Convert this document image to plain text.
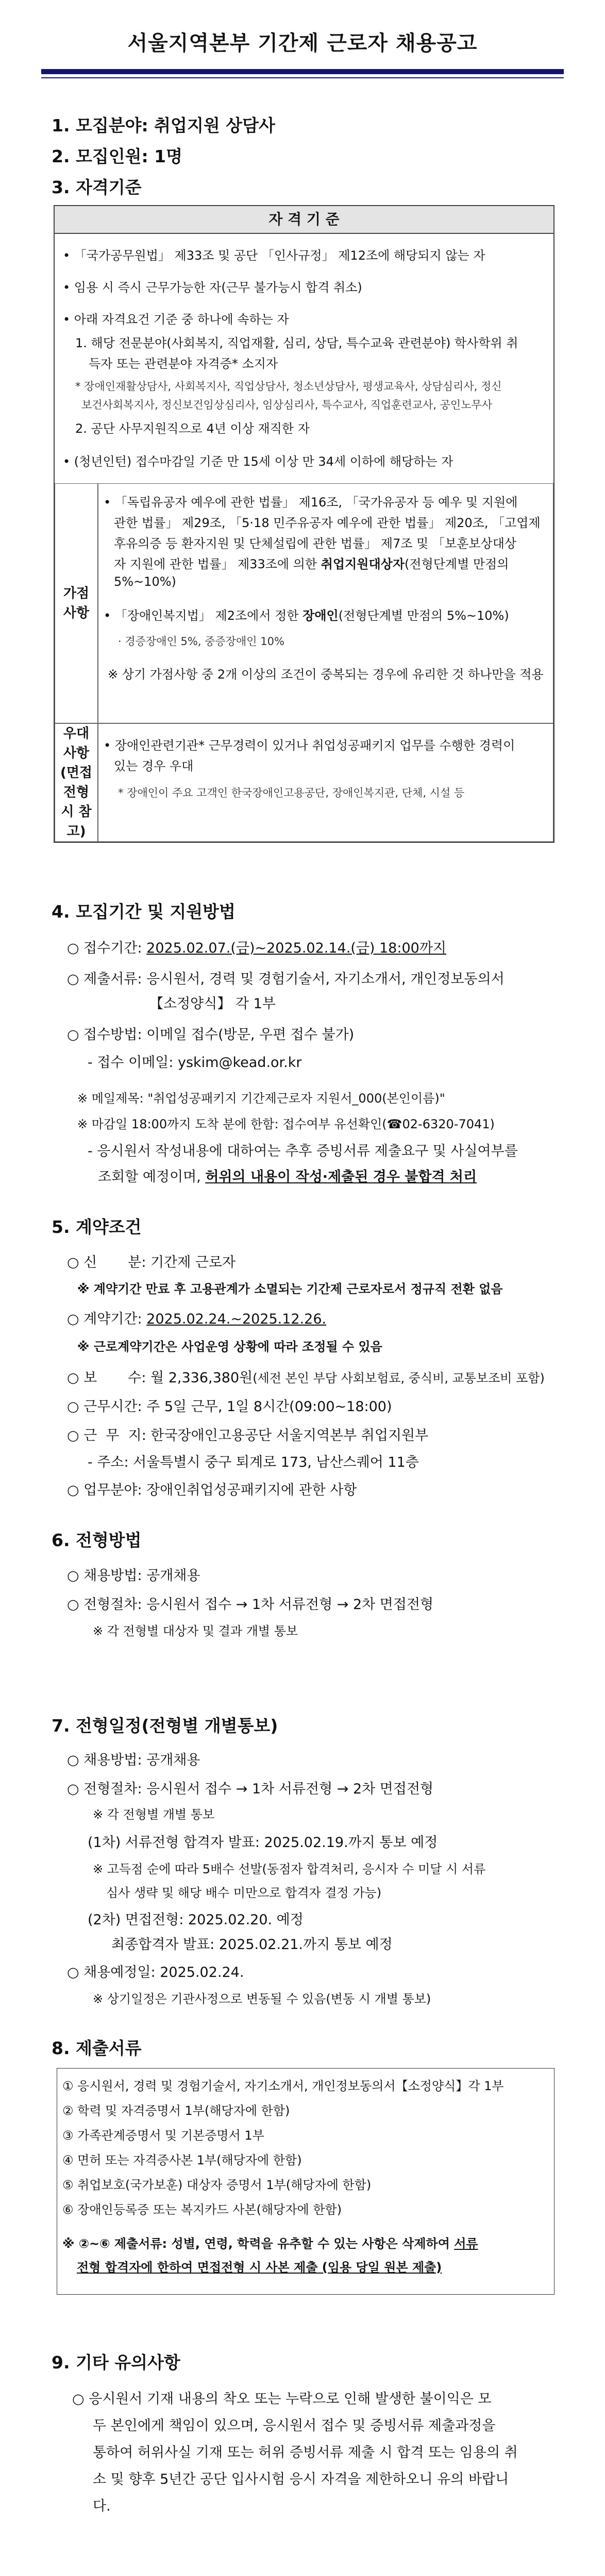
서울지역본부 기간제 근로자 채용공고
1. 모집분야: 취업지원 상담사
2. 모집인원: 1명
3. 자격기준
자 격 기 준
• 「국가공무원법」 제33조 및 공단 「인사규정」 제12조에 해당되지 않는 자
• 임용 시 즉시 근무가능한 자(근무 불가능시 합격 취소)
• 아래 자격요건 기준 중 하나에 속하는 자
1. 해당 전문분야(사회복지, 직업재활, 심리, 상담, 특수교육 관련분야) 학사학위 취
득자 또는 관련분야 자격증* 소지자
* 장애인재활상담사, 사회복지사, 직업상담사, 청소년상담사, 평생교육사, 상담심리사, 정신
보건사회복지사, 정신보건임상심리사, 임상심리사, 특수교사, 직업훈련교사, 공인노무사
2. 공단 사무지원직으로 4년 이상 재직한 자
• (청년인턴) 접수마감일 기준 만 15세 이상 만 34세 이하에 해당하는 자
가점
사항
• 「독립유공자 예우에 관한 법률」 제16조, 「국가유공자 등 예우 및 지원에
관한 법률」 제29조, 「5·18 민주유공자 예우에 관한 법률」 제20조, 「고엽제
후유의증 등 환자지원 및 단체설립에 관한 법률」 제7조 및 「보훈보상대상
자 지원에 관한 법률」 제33조에 의한 취업지원대상자(전형단계별 만점의
5%~10%)
• 「장애인복지법」 제2조에서 정한 장애인(전형단계별 만점의 5%~10%)
· 경증장애인 5%, 중증장애인 10%
※ 상기 가점사항 중 2개 이상의 조건이 중복되는 경우에 유리한 것 하나만을 적용
우대
사항
(면접전형
시 참고)
• 장애인관련기관* 근무경력이 있거나 취업성공패키지 업무를 수행한 경력이
있는 경우 우대
* 장애인이 주요 고객인 한국장애인고용공단, 장애인복지관, 단체, 시설 등
4. 모집기간 및 지원방법
○ 접수기간: 2025.02.07.(금)~2025.02.14.(금) 18:00까지
○ 제출서류: 응시원서, 경력 및 경험기술서, 자기소개서, 개인정보동의서
【소정양식】 각 1부
○ 접수방법: 이메일 접수(방문, 우편 접수 불가)
- 접수 이메일: yskim@kead.or.kr
※ 메일제목: "취업성공패키지 기간제근로자 지원서_000(본인이름)"
※ 마감일 18:00까지 도착 분에 한함: 접수여부 유선확인(☎02-6320-7041)
- 응시원서 작성내용에 대하여는 추후 증빙서류 제출요구 및 사실여부를
조회할 예정이며, 허위의 내용이 작성·제출된 경우 불합격 처리
5. 계약조건
○ 신       분: 기간제 근로자
※ 계약기간 만료 후 고용관계가 소멸되는 기간제 근로자로서 정규직 전환 없음
○ 계약기간: 2025.02.24.~2025.12.26.
※ 근로계약기간은 사업운영 상황에 따라 조정될 수 있음
○ 보       수: 월 2,336,380원(세전 본인 부담 사회보험료, 중식비, 교통보조비 포함)
○ 근무시간: 주 5일 근무, 1일 8시간(09:00~18:00)
○ 근  무  지: 한국장애인고용공단 서울지역본부 취업지원부
- 주소: 서울특별시 중구 퇴계로 173, 남산스퀘어 11층
○ 업무분야: 장애인취업성공패키지에 관한 사항
6. 전형방법
○ 채용방법: 공개채용
○ 전형절차: 응시원서 접수 → 1차 서류전형 → 2차 면접전형
※ 각 전형별 대상자 및 결과 개별 통보
7. 전형일정(전형별 개별통보)
○ 채용방법: 공개채용
○ 전형절차: 응시원서 접수 → 1차 서류전형 → 2차 면접전형
※ 각 전형별 개별 통보
(1차) 서류전형 합격자 발표: 2025.02.19.까지 통보 예정
※ 고득점 순에 따라 5배수 선발(동점자 합격처리, 응시자 수 미달 시 서류
심사 생략 및 해당 배수 미만으로 합격자 결정 가능)
(2차) 면접전형: 2025.02.20. 예정
최종합격자 발표: 2025.02.21.까지 통보 예정
○ 채용예정일: 2025.02.24.
※ 상기일정은 기관사정으로 변동될 수 있음(변동 시 개별 통보)
8. 제출서류
① 응시원서, 경력 및 경험기술서, 자기소개서, 개인정보동의서【소정양식】각 1부
② 학력 및 자격증명서 1부(해당자에 한함)
③ 가족관계증명서 및 기본증명서 1부
④ 면허 또는 자격증사본 1부(해당자에 한함)
⑤ 취업보호(국가보훈) 대상자 증명서 1부(해당자에 한함)
⑥ 장애인등록증 또는 복지카드 사본(해당자에 한함)
※ ②~⑥ 제출서류: 성별, 연령, 학력을 유추할 수 있는 사항은 삭제하여 서류
전형 합격자에 한하여 면접전형 시 사본 제출 (임용 당일 원본 제출)
9. 기타 유의사항
○ 응시원서 기재 내용의 착오 또는 누락으로 인해 발생한 불이익은 모
두 본인에게 책임이 있으며, 응시원서 접수 및 증빙서류 제출과정을
통하여 허위사실 기재 또는 허위 증빙서류 제출 시 합격 또는 임용의 취
소 및 향후 5년간 공단 입사시험 응시 자격을 제한하오니 유의 바랍니
다.
